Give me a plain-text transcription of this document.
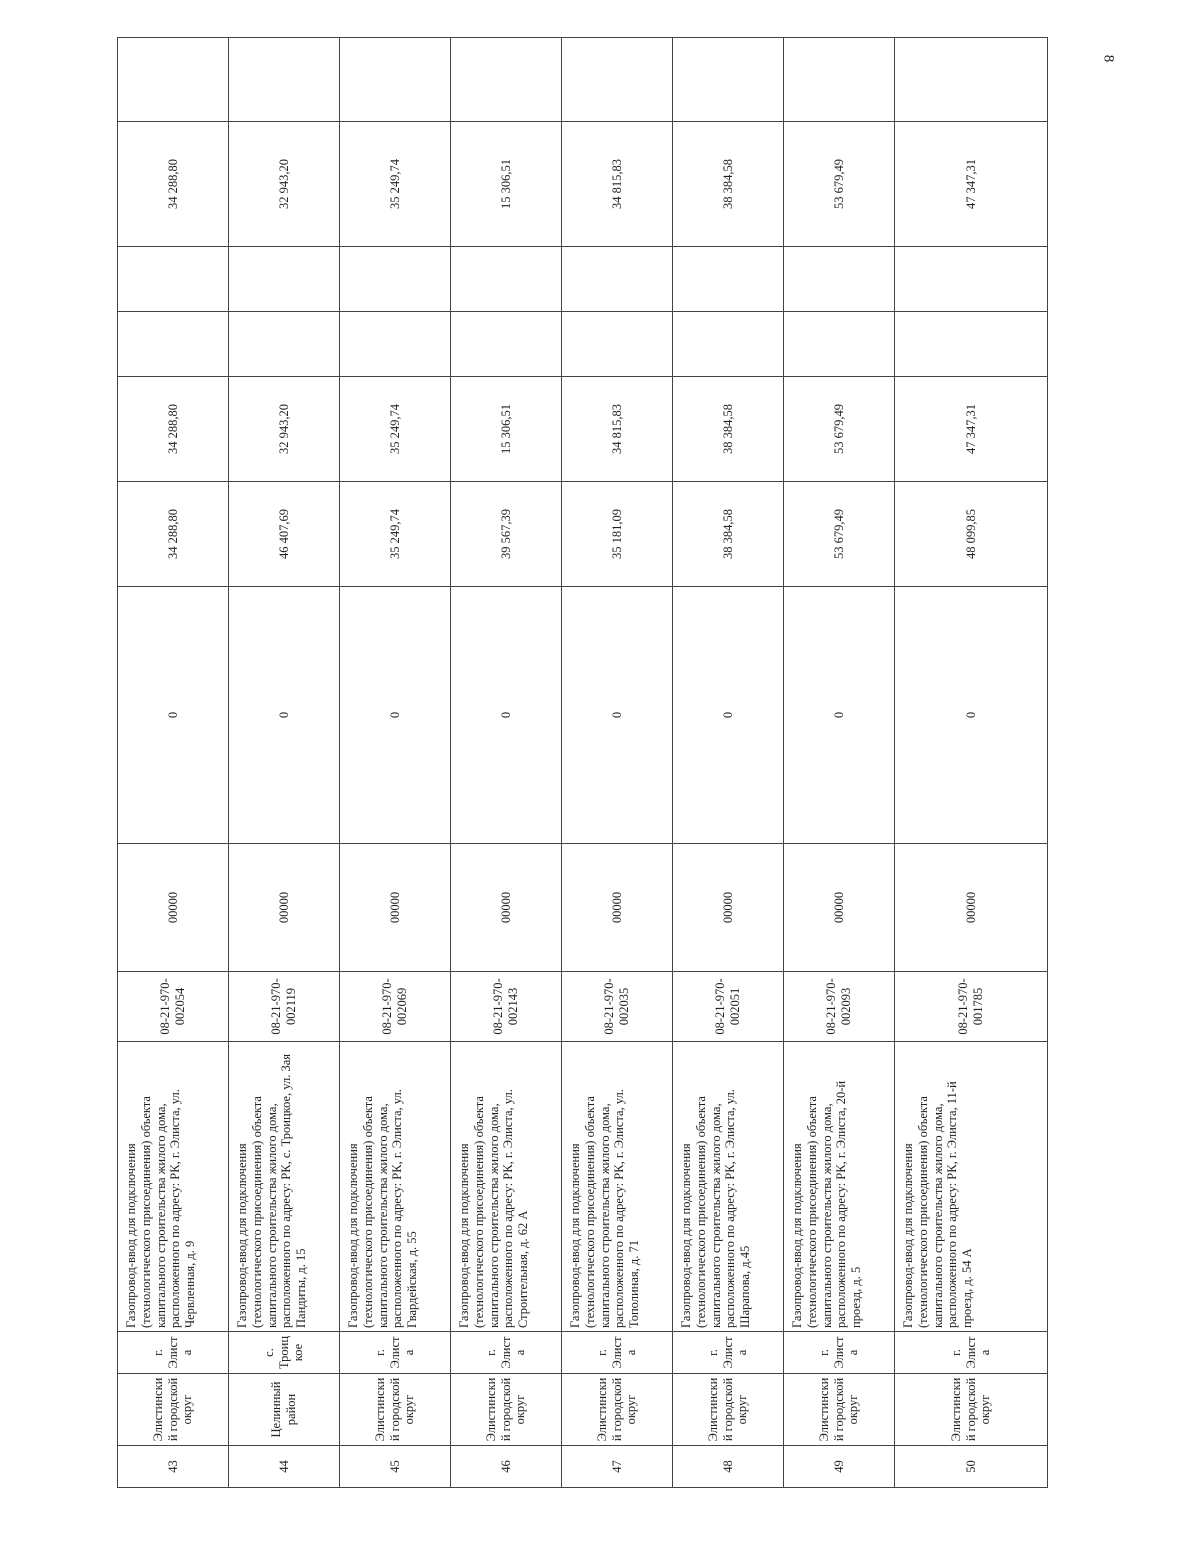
8
43	Элистинский городской округ	г. Элиста	Газопровод-ввод для подключения (технологического присоединения) объекта капитального строительства жилого дома, расположенного по адресу: РК, г. Элиста, ул. Червленная, д. 9	08-21-970-002054	00000	0	34 288,80	34 288,80			34 288,80	
44	Целинный район	с. Троицкое	Газопровод-ввод для подключения (технологического присоединения) объекта капитального строительства жилого дома, расположенного по адресу: РК, с. Троицкое, ул. Зая Пандиты, д. 15	08-21-970-002119	00000	0	46 407,69	32 943,20			32 943,20	
45	Элистинский городской округ	г. Элиста	Газопровод-ввод для подключения (технологического присоединения) объекта капитального строительства жилого дома, расположенного по адресу: РК, г. Элиста, ул. Гвардейская, д. 55	08-21-970-002069	00000	0	35 249,74	35 249,74			35 249,74	
46	Элистинский городской округ	г. Элиста	Газопровод-ввод для подключения (технологического присоединения) объекта капитального строительства жилого дома, расположенного по адресу: РК, г. Элиста, ул. Строительная, д. 62 А	08-21-970-002143	00000	0	39 567,39	15 306,51			15 306,51	
47	Элистинский городской округ	г. Элиста	Газопровод-ввод для подключения (технологического присоединения) объекта капитального строительства жилого дома, расположенного по адресу: РК, г. Элиста, ул. Тополиная, д. 71	08-21-970-002035	00000	0	35 181,09	34 815,83			34 815,83	
48	Элистинский городской округ	г. Элиста	Газопровод-ввод для подключения (технологического присоединения) объекта капитального строительства жилого дома, расположенного по адресу: РК, г. Элиста, ул. Шарапова, д.45	08-21-970-002051	00000	0	38 384,58	38 384,58			38 384,58	
49	Элистинский городской округ	г. Элиста	Газопровод-ввод для подключения (технологического присоединения) объекта капитального строительства жилого дома, расположенного по адресу: РК, г. Элиста, 20-й проезд, д. 5	08-21-970-002093	00000	0	53 679,49	53 679,49			53 679,49	
50	Элистинский городской округ	г. Элиста	Газопровод-ввод для подключения (технологического присоединения) объекта капитального строительства жилого дома, расположенного по адресу: РК, г. Элиста, 11-й проезд, д. 54 А	08-21-970-001785	00000	0	48 099,85	47 347,31			47 347,31	
